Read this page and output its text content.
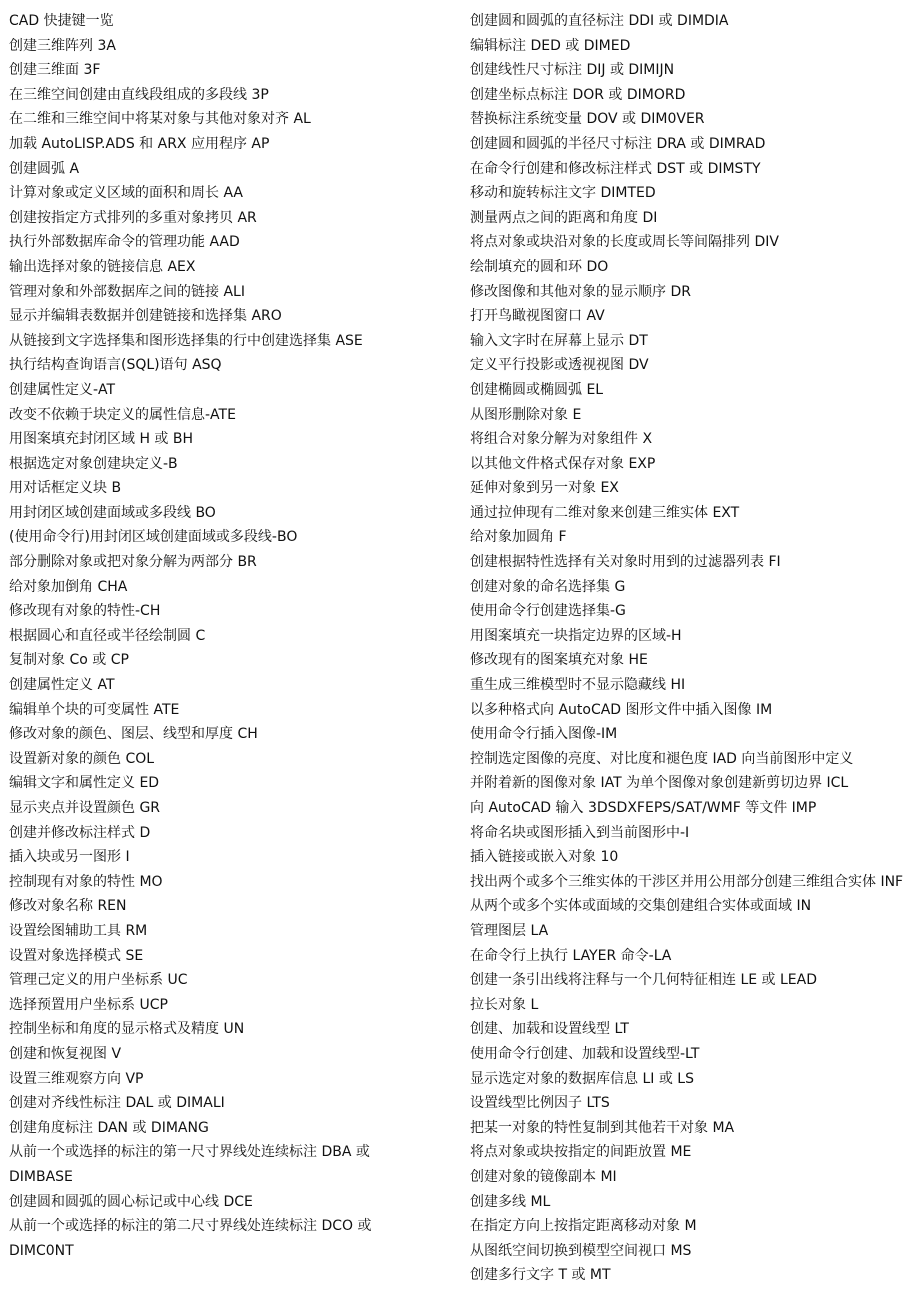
CAD 快捷键一览
创建三维阵列 3A
创建三维面 3F
在三维空间创建由直线段组成的多段线 3P
在二维和三维空间中将某对象与其他对象对齐 AL
加载 AutoLISP.ADS 和 ARX 应用程序 AP
创建圆弧 A
计算对象或定义区域的面积和周长 AA
创建按指定方式排列的多重对象拷贝 AR
执行外部数据库命令的管理功能 AAD
输出选择对象的链接信息 AEX
管理对象和外部数据库之间的链接 ALI
显示并编辑表数据并创建链接和选择集 ARO
从链接到文字选择集和图形选择集的行中创建选择集 ASE
执行结构查询语言(SQL)语句 ASQ
创建属性定义-AT
改变不依赖于块定义的属性信息-ATE
用图案填充封闭区域 H 或 BH
根据选定对象创建块定义-B
用对话框定义块 B
用封闭区域创建面域或多段线 BO
(使用命令行)用封闭区域创建面域或多段线-BO
部分删除对象或把对象分解为两部分 BR
给对象加倒角 CHA
修改现有对象的特性-CH
根据圆心和直径或半径绘制圆 C
复制对象 Co 或 CP
创建属性定义 AT
编辑单个块的可变属性 ATE
修改对象的颜色、图层、线型和厚度 CH
设置新对象的颜色 COL
编辑文字和属性定义 ED
显示夹点并设置颜色 GR
创建并修改标注样式 D
插入块或另一图形 I
控制现有对象的特性 MO
修改对象名称 REN
设置绘图辅助工具 RM
设置对象选择模式 SE
管理己定义的用户坐标系 UC
选择预置用户坐标系 UCP
控制坐标和角度的显示格式及精度 UN
创建和恢复视图 V
设置三维观察方向 VP
创建对齐线性标注 DAL 或 DIMALI
创建角度标注 DAN 或 DIMANG
从前一个或选择的标注的第一尺寸界线处连续标注 DBA 或 DIMBASE
创建圆和圆弧的圆心标记或中心线 DCE
从前一个或选择的标注的第二尺寸界线处连续标注 DCO 或 DIMC0NT
创建圆和圆弧的直径标注 DDI 或 DIMDIA
编辑标注 DED 或 DIMED
创建线性尺寸标注 DIJ 或 DIMIJN
创建坐标点标注 DOR 或 DIMORD
替换标注系统变量 DOV 或 DIM0VER
创建圆和圆弧的半径尺寸标注 DRA 或 DIMRAD
在命令行创建和修改标注样式 DST 或 DIMSTY
移动和旋转标注文字 DIMTED
测量两点之间的距离和角度 DI
将点对象或块沿对象的长度或周长等间隔排列 DIV
绘制填充的圆和环 DO
修改图像和其他对象的显示顺序 DR
打开鸟瞰视图窗口 AV
输入文字时在屏幕上显示 DT
定义平行投影或透视视图 DV
创建椭圆或椭圆弧 EL
从图形删除对象 E
将组合对象分解为对象组件 X
以其他文件格式保存对象 EXP
延伸对象到另一对象 EX
通过拉伸现有二维对象来创建三维实体 EXT
给对象加圆角 F
创建根据特性选择有关对象时用到的过滤器列表 FI
创建对象的命名选择集 G
使用命令行创建选择集-G
用图案填充一块指定边界的区域-H
修改现有的图案填充对象 HE
重生成三维模型时不显示隐藏线 HI
以多种格式向 AutoCAD 图形文件中插入图像 IM
使用命令行插入图像-IM
控制选定图像的亮度、对比度和褪色度 IAD 向当前图形中定义
并附着新的图像对象 IAT 为单个图像对象创建新剪切边界 ICL
向 AutoCAD 输入 3DSDXFEPS/SAT/WMF 等文件 IMP
将命名块或图形插入到当前图形中-I
插入链接或嵌入对象 10
找出两个或多个三维实体的干涉区并用公用部分创建三维组合实体 INF
从两个或多个实体或面域的交集创建组合实体或面域 IN
管理图层 LA
在命令行上执行 LAYER 命令-LA
创建一条引出线将注释与一个几何特征相连 LE 或 LEAD
拉长对象 L
创建、加载和设置线型 LT
使用命令行创建、加载和设置线型-LT
显示选定对象的数据库信息 LI 或 LS
设置线型比例因子 LTS
把某一对象的特性复制到其他若干对象 MA
将点对象或块按指定的间距放置 ME
创建对象的镜像副本 MI
创建多线 ML
在指定方向上按指定距离移动对象 M
从图纸空间切换到模型空间视口 MS
创建多行文字 T 或 MT
